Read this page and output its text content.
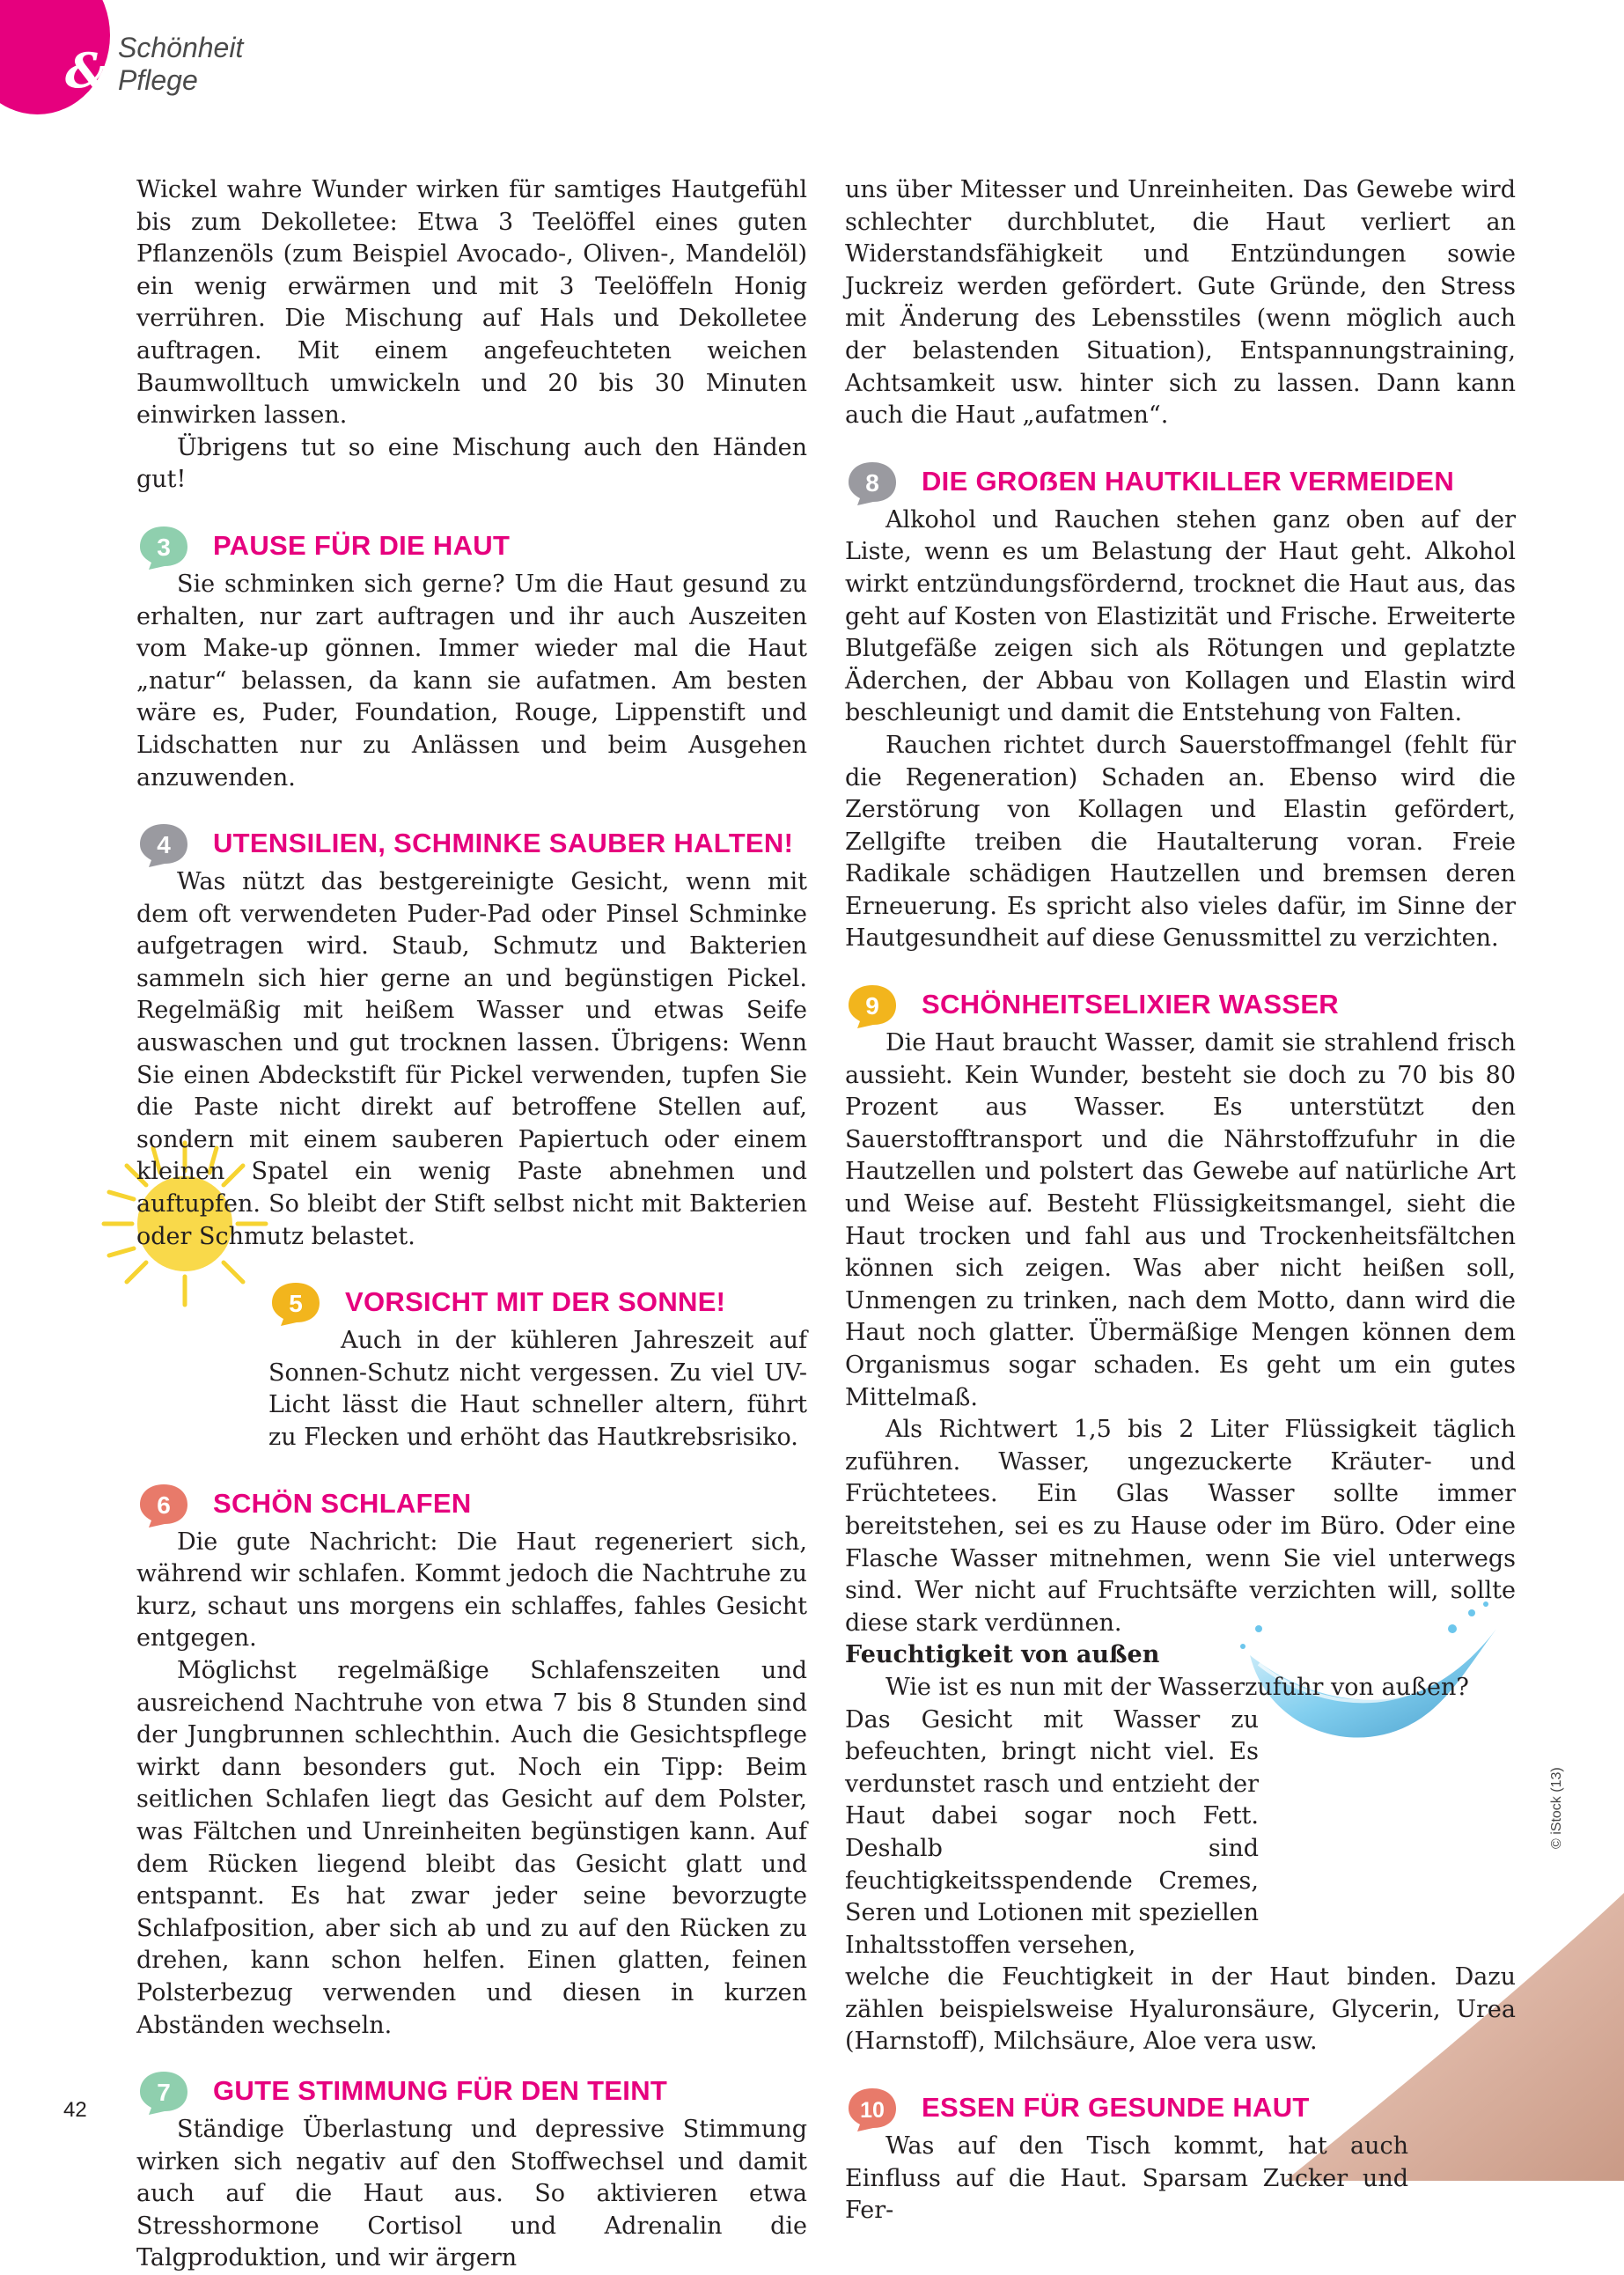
& Schönheit
Pflege
© iStock (13)
42

Wickel wahre Wunder wirken für samtiges Hautgefühl bis zum Dekolletee: Etwa 3 Teelöffel eines guten Pflanzenöls (zum Beispiel Avocado-, Oliven-, Mandelöl) ein wenig erwärmen und mit 3 Teelöffeln Honig verrühren. Die Mischung auf Hals und Dekolletee auftragen. Mit einem angefeuchteten weichen Baumwolltuch umwickeln und 20 bis 30 Minuten einwirken lassen.

Übrigens tut so eine Mischung auch den Händen gut!

3 PAUSE FÜR DIE HAUT

Sie schminken sich gerne? Um die Haut gesund zu erhalten, nur zart auftragen und ihr auch Auszeiten vom Make-up gönnen. Immer wieder mal die Haut „natur“ belassen, da kann sie aufatmen. Am besten wäre es, Puder, Foundation, Rouge, Lippenstift und Lidschatten nur zu Anlässen und beim Ausgehen anzuwenden.

4 UTENSILIEN, SCHMINKE SAUBER HALTEN!

Was nützt das bestgereinigte Gesicht, wenn mit dem oft verwendeten Puder-Pad oder Pinsel Schminke aufgetragen wird. Staub, Schmutz und Bakterien sammeln sich hier gerne an und begünstigen Pickel. Regelmäßig mit heißem Wasser und etwas Seife auswaschen und gut trocknen lassen. Übrigens: Wenn Sie einen Abdeckstift für Pickel verwenden, tupfen Sie die Paste nicht direkt auf betroffene Stellen auf, sondern mit einem sauberen Papiertuch oder einem kleinen Spatel ein wenig Paste abnehmen und auftupfen. So bleibt der Stift selbst nicht mit Bakterien oder Schmutz belastet.

5 VORSICHT MIT DER SONNE!

Auch in der kühleren Jahreszeit auf Sonnen-Schutz nicht vergessen. Zu viel UV-Licht lässt die Haut schneller altern, führt zu Flecken und erhöht das Hautkrebsrisiko.

6 SCHÖN SCHLAFEN

Die gute Nachricht: Die Haut regeneriert sich, während wir schlafen. Kommt jedoch die Nachtruhe zu kurz, schaut uns morgens ein schlaffes, fahles Gesicht entgegen.

Möglichst regelmäßige Schlafenszeiten und ausreichend Nachtruhe von etwa 7 bis 8 Stunden sind der Jungbrunnen schlechthin. Auch die Gesichtspflege wirkt dann besonders gut. Noch ein Tipp: Beim seitlichen Schlafen liegt das Gesicht auf dem Polster, was Fältchen und Unreinheiten begünstigen kann. Auf dem Rücken liegend bleibt das Gesicht glatt und entspannt. Es hat zwar jeder seine bevorzugte Schlafposition, aber sich ab und zu auf den Rücken zu drehen, kann schon helfen. Einen glatten, feinen Polsterbezug verwenden und diesen in kurzen Abständen wechseln.

7 GUTE STIMMUNG FÜR DEN TEINT

Ständige Überlastung und depressive Stimmung wirken sich negativ auf den Stoffwechsel und damit auch auf die Haut aus. So aktivieren etwa Stresshormone Cortisol und Adrenalin die Talgproduktion, und wir ärgern

uns über Mitesser und Unreinheiten. Das Gewebe wird schlechter durchblutet, die Haut verliert an Widerstandsfähigkeit und Entzündungen sowie Juckreiz werden gefördert. Gute Gründe, den Stress mit Änderung des Lebensstiles (wenn möglich auch der belastenden Situation), Entspannungstraining, Achtsamkeit usw. hinter sich zu lassen. Dann kann auch die Haut „aufatmen“.

8 DIE GROẞEN HAUTKILLER VERMEIDEN

Alkohol und Rauchen stehen ganz oben auf der Liste, wenn es um Belastung der Haut geht. Alkohol wirkt entzündungsfördernd, trocknet die Haut aus, das geht auf Kosten von Elastizität und Frische. Erweiterte Blutgefäße zeigen sich als Rötungen und geplatzte Äderchen, der Abbau von Kollagen und Elastin wird beschleunigt und damit die Entstehung von Falten.

Rauchen richtet durch Sauerstoffmangel (fehlt für die Regeneration) Schaden an. Ebenso wird die Zerstörung von Kollagen und Elastin gefördert, Zellgifte treiben die Hautalterung voran. Freie Radikale schädigen Hautzellen und bremsen deren Erneuerung. Es spricht also vieles dafür, im Sinne der Hautgesundheit auf diese Genussmittel zu verzichten.

9 SCHÖNHEITSELIXIER WASSER

Die Haut braucht Wasser, damit sie strahlend frisch aussieht. Kein Wunder, besteht sie doch zu 70 bis 80 Prozent aus Wasser. Es unterstützt den Sauerstofftransport und die Nährstoffzufuhr in die Hautzellen und polstert das Gewebe auf natürliche Art und Weise auf. Besteht Flüssigkeitsmangel, sieht die Haut trocken und fahl aus und Trockenheitsfältchen können sich zeigen. Was aber nicht heißen soll, Unmengen zu trinken, nach dem Motto, dann wird die Haut noch glatter. Übermäßige Mengen können dem Organismus sogar schaden. Es geht um ein gutes Mittelmaß.

Als Richtwert 1,5 bis 2 Liter Flüssigkeit täglich zuführen. Wasser, ungezuckerte Kräuter- und Früchtetees. Ein Glas Wasser sollte immer bereitstehen, sei es zu Hause oder im Büro. Oder eine Flasche Wasser mitnehmen, wenn Sie viel unterwegs sind. Wer nicht auf Fruchtsäfte verzichten will, sollte diese stark verdünnen.

Feuchtigkeit von außen

Wie ist es nun mit der Wasserzufuhr von außen?

Das Gesicht mit Wasser zu befeuchten, bringt nicht viel. Es verdunstet rasch und entzieht der Haut dabei sogar noch Fett. Deshalb sind feuchtigkeitsspendende Cremes, Seren und Lotionen mit speziellen Inhaltsstoffen versehen,

welche die Feuchtigkeit in der Haut binden. Dazu zählen beispielsweise Hyaluronsäure, Glycerin, Urea (Harnstoff), Milchsäure, Aloe vera usw.

10 ESSEN FÜR GESUNDE HAUT

Was auf den Tisch kommt, hat auch Einfluss auf die Haut. Sparsam Zucker und Fer-
